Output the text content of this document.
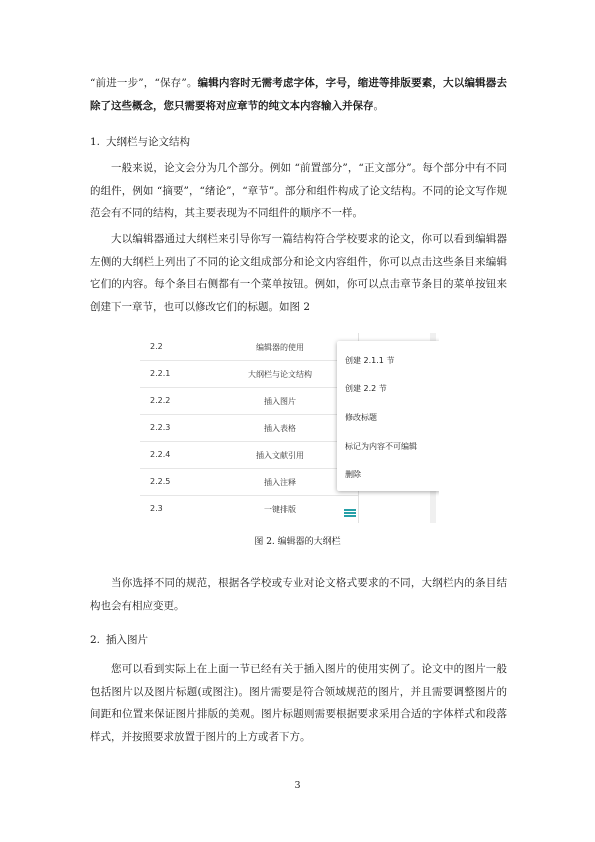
“前进一步”，“保存”。编辑内容时无需考虑字体，字号，缩进等排版要素，大以编辑器去除了这些概念，您只需要将对应章节的纯文本内容输入并保存。

1. 大纲栏与论文结构

一般来说，论文会分为几个部分。例如 “前置部分”，“正文部分”。每个部分中有不同的组件，例如 “摘要”，“绪论”，“章节”。部分和组件构成了论文结构。不同的论文写作规范会有不同的结构，其主要表现为不同组件的顺序不一样。

大以编辑器通过大纲栏来引导你写一篇结构符合学校要求的论文，你可以看到编辑器左侧的大纲栏上列出了不同的论文组成部分和论文内容组件，你可以点击这些条目来编辑它们的内容。每个条目右侧都有一个菜单按钮。例如，你可以点击章节条目的菜单按钮来创建下一章节，也可以修改它们的标题。如图 2

2.2	编辑器的使用
2.2.1	大纲栏与论文结构
2.2.2	插入图片
2.2.3	插入表格
2.2.4	插入文献引用
2.2.5	插入注释
2.3	一键排版
创建 2.1.1 节
创建 2.2 节
修改标题
标记为内容不可编辑
删除

图 2. 编辑器的大纲栏

当你选择不同的规范，根据各学校或专业对论文格式要求的不同，大纲栏内的条目结构也会有相应变更。

2. 插入图片

您可以看到实际上在上面一节已经有关于插入图片的使用实例了。论文中的图片一般包括图片以及图片标题(或图注)。图片需要是符合领域规范的图片，并且需要调整图片的间距和位置来保证图片排版的美观。图片标题则需要根据要求采用合适的字体样式和段落样式，并按照要求放置于图片的上方或者下方。

3
